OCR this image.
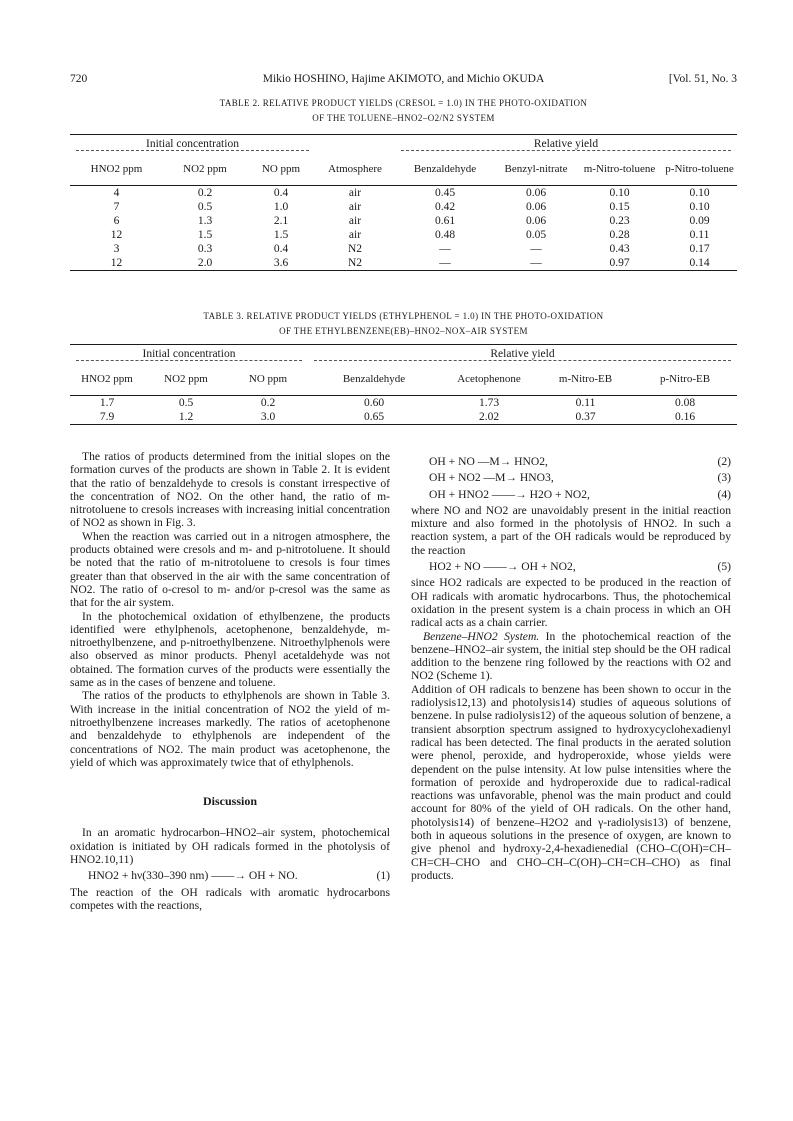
720	Mikio HOSHINO, Hajime AKIMOTO, and Michio OKUDA	[Vol. 51, No. 3
TABLE 2. RELATIVE PRODUCT YIELDS (CRESOL = 1.0) IN THE PHOTO-OXIDATION
OF THE TOLUENE–HNO2–O2/N2 SYSTEM
Initial concentration				Relative yield			

HNO2 ppm	NO2 ppm	NO ppm	Atmosphere	Benzaldehyde	Benzyl-nitrate	m-Nitro-toluene	p-Nitro-toluene
4	0.2	0.4	air	0.45	0.06	0.10	0.10
7	0.5	1.0	air	0.42	0.06	0.15	0.10
6	1.3	2.1	air	0.61	0.06	0.23	0.09
12	1.5	1.5	air	0.48	0.05	0.28	0.11
3	0.3	0.4	N2	—	—	0.43	0.17
12	2.0	3.6	N2	—	—	0.97	0.14
TABLE 3. RELATIVE PRODUCT YIELDS (ETHYLPHENOL = 1.0) IN THE PHOTO-OXIDATION
OF THE ETHYLBENZENE(EB)–HNO2–NOX–AIR SYSTEM
Initial concentration			Relative yield			

HNO2 ppm	NO2 ppm	NO ppm	Benzaldehyde	Acetophenone	m-Nitro-EB	p-Nitro-EB
1.7	0.5	0.2	0.60	1.73	0.11	0.08
7.9	1.2	3.0	0.65	2.02	0.37	0.16

The ratios of products determined from the initial slopes on the formation curves of the products are shown in Table 2. It is evident that the ratio of benzaldehyde to cresols is constant irrespective of the concentration of NO2. On the other hand, the ratio of m-nitrotoluene to cresols increases with increasing initial concentration of NO2 as shown in Fig. 3.

When the reaction was carried out in a nitrogen atmosphere, the products obtained were cresols and m- and p-nitrotoluene. It should be noted that the ratio of m-nitrotoluene to cresols is four times greater than that observed in the air with the same concentration of NO2. The ratio of o-cresol to m- and/or p-cresol was the same as that for the air system.

In the photochemical oxidation of ethylbenzene, the products identified were ethylphenols, acetophenone, benzaldehyde, m-nitroethylbenzene, and p-nitroethylbenzene. Nitroethylphenols were also observed as minor products. Phenyl acetaldehyde was not obtained. The formation curves of the products were essentially the same as in the cases of benzene and toluene.

The ratios of the products to ethylphenols are shown in Table 3. With increase in the initial concentration of NO2 the yield of m-nitroethylbenzene increases markedly. The ratios of acetophenone and benzaldehyde to ethylphenols are independent of the concentrations of NO2. The main product was acetophenone, the yield of which was approximately twice that of ethylphenols.

Discussion

In an aromatic hydrocarbon–HNO2–air system, photochemical oxidation is initiated by OH radicals formed in the photolysis of HNO2.10,11)

HNO2 + hν(330–390 nm) ——→ OH + NO.	(1)

The reaction of the OH radicals with aromatic hydrocarbons competes with the reactions,

OH + NO —M→ HNO2,	(2)
OH + NO2 —M→ HNO3,	(3)
OH + HNO2 ——→ H2O + NO2,	(4)

where NO and NO2 are unavoidably present in the initial reaction mixture and also formed in the photolysis of HNO2. In such a reaction system, a part of the OH radicals would be reproduced by the reaction

HO2 + NO ——→ OH + NO2,	(5)

since HO2 radicals are expected to be produced in the reaction of OH radicals with aromatic hydrocarbons. Thus, the photochemical oxidation in the present system is a chain process in which an OH radical acts as a chain carrier.

Benzene–HNO2 System. In the photochemical reaction of the benzene–HNO2–air system, the initial step should be the OH radical addition to the benzene ring followed by the reactions with O2 and NO2 (Scheme 1).

Addition of OH radicals to benzene has been shown to occur in the radiolysis12,13) and photolysis14) studies of aqueous solutions of benzene. In pulse radiolysis12) of the aqueous solution of benzene, a transient absorption spectrum assigned to hydroxycyclohexadienyl radical has been detected. The final products in the aerated solution were phenol, peroxide, and hydroperoxide, whose yields were dependent on the pulse intensity. At low pulse intensities where the formation of peroxide and hydroperoxide due to radical-radical reactions was unfavorable, phenol was the main product and could account for 80% of the yield of OH radicals. On the other hand, photolysis14) of benzene–H2O2 and γ-radiolysis13) of benzene, both in aqueous solutions in the presence of oxygen, are known to give phenol and hydroxy-2,4-hexadienedial (CHO–C(OH)=CH–CH=CH–CHO and CHO–CH–C(OH)–CH=CH–CHO) as final products.
